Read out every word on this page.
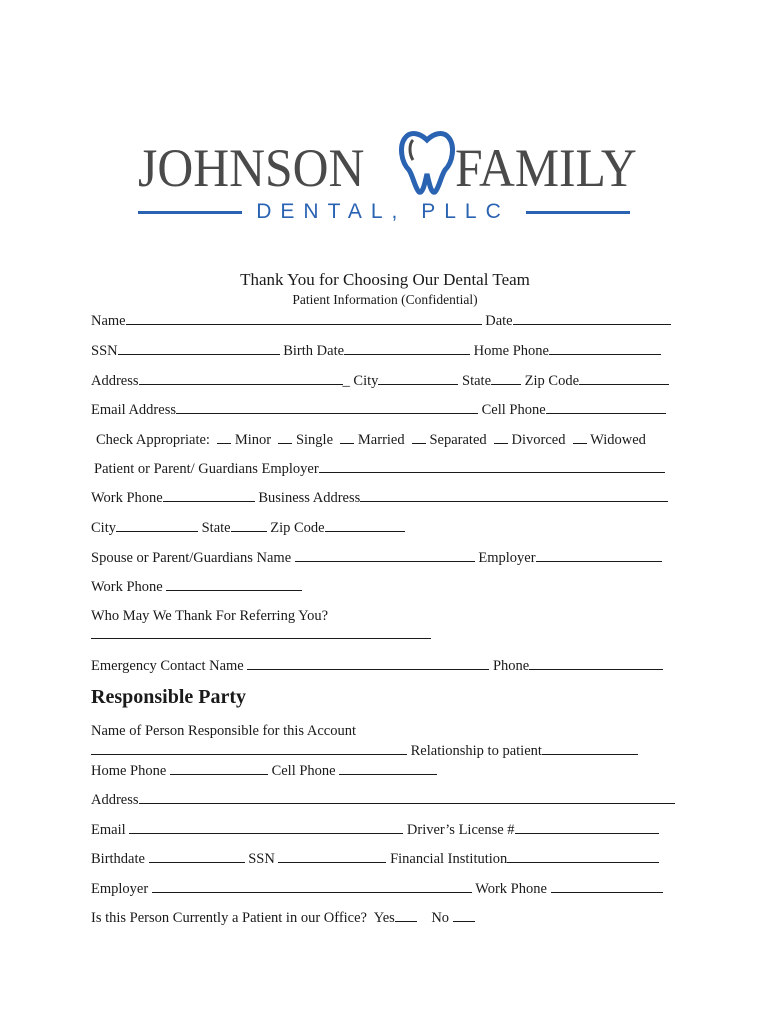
JOHNSON FAMILY
DENTAL, PLLC
Thank You for Choosing Our Dental Team
Patient Information (Confidential)
Name	Date
SSN	Birth Date	Home Phone
Address	_ City	State Zip Code
Email Address	Cell Phone
Check Appropriate: Minor Single Married Separated Divorced Widowed
Patient or Parent/ Guardians Employer
Work Phone	Business Address
City	State	Zip Code
Spouse or Parent/Guardians Name	Employer
Work Phone
Who May We Thank For Referring You?
Emergency Contact Name	Phone
Responsible Party
Name of Person Responsible for this Account
Relationship to patient
Home Phone	Cell Phone
Address
Email	Driver’s License #
Birthdate	SSN	Financial Institution
Employer	Work Phone
Is this Person Currently a Patient in our Office? Yes	No
